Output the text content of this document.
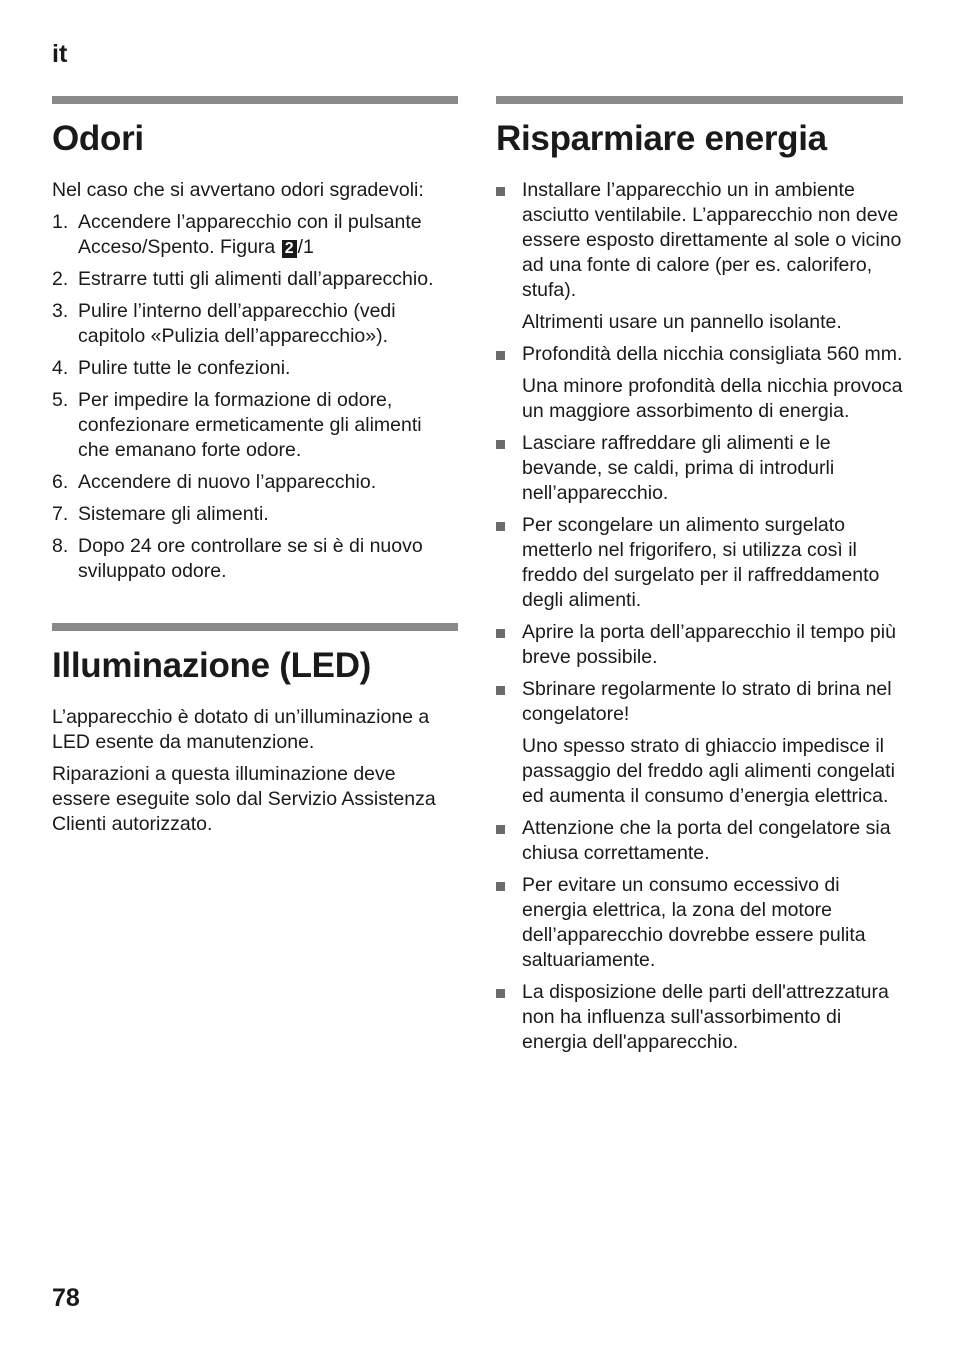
it
Odori

Nel caso che si avvertano odori sgradevoli:

1. Accendere l’apparecchio con il pulsante Acceso/Spento. Figura 2 /1
2. Estrarre tutti gli alimenti dall’apparecchio.
3. Pulire l’interno dell’apparecchio (vedi capitolo «Pulizia dell’apparecchio»).
4. Pulire tutte le confezioni.
5. Per impedire la formazione di odore, confezionare ermeticamente gli alimenti che emanano forte odore.
6. Accendere di nuovo l’apparecchio.
7. Sistemare gli alimenti.
8. Dopo 24 ore controllare se si è di nuovo sviluppato odore.
Illuminazione (LED)

L’apparecchio è dotato di un’illuminazione a LED esente da manutenzione.

Riparazioni a questa illuminazione deve essere eseguite solo dal Servizio Assistenza Clienti autorizzato.

Risparmiare energia

Installare l’apparecchio un in ambiente asciutto ventilabile. L’apparecchio non deve essere esposto direttamente al sole o vicino ad una fonte di calore (per es. calorifero, stufa).

Altrimenti usare un pannello isolante.

Profondità della nicchia consigliata 560 mm.

Una minore profondità della nicchia provoca un maggiore assorbimento di energia.

Lasciare raffreddare gli alimenti e le bevande, se caldi, prima di introdurli nell’apparecchio.

Per scongelare un alimento surgelato metterlo nel frigorifero, si utilizza così il freddo del surgelato per il raffreddamento degli alimenti.

Aprire la porta dell’apparecchio il tempo più breve possibile.

Sbrinare regolarmente lo strato di brina nel congelatore!

Uno spesso strato di ghiaccio impedisce il passaggio del freddo agli alimenti congelati ed aumenta il consumo d’energia elettrica.

Attenzione che la porta del congelatore sia chiusa correttamente.

Per evitare un consumo eccessivo di energia elettrica, la zona del motore dell’apparecchio dovrebbe essere pulita saltuariamente.

La disposizione delle parti dell'attrezzatura non ha influenza sull'assorbimento di energia dell'apparecchio.

78
